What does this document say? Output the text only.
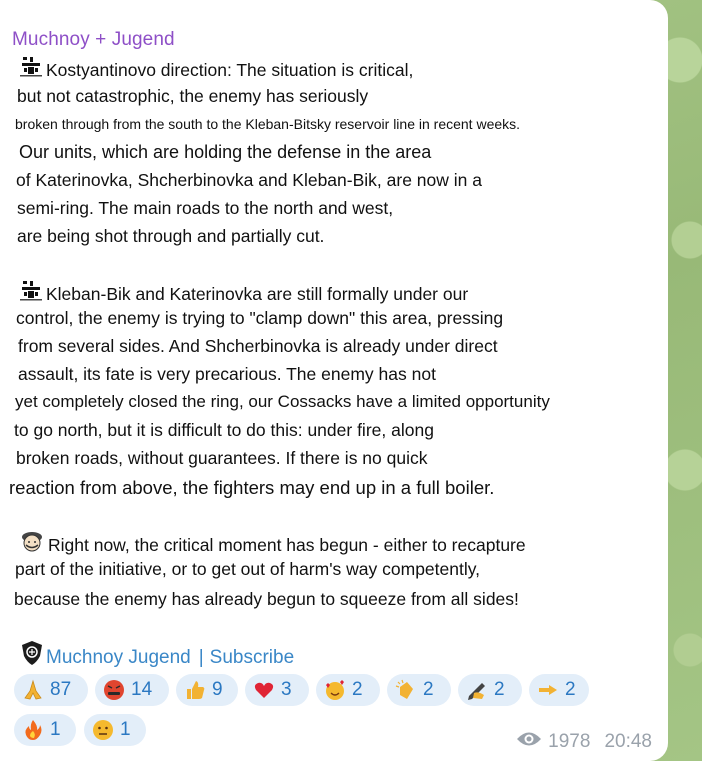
Muchnoy + Jugend
Kostyantinovo direction: The situation is critical,
but not catastrophic, the enemy has seriously
broken through from the south to the Kleban-Bitsky reservoir line in recent weeks.
Our units, which are holding the defense in the area
of Katerinovka, Shcherbinovka and Kleban-Bik, are now in a
semi-ring. The main roads to the north and west,
are being shot through and partially cut.
Kleban-Bik and Katerinovka are still formally under our
control, the enemy is trying to "clamp down" this area, pressing
from several sides. And Shcherbinovka is already under direct
assault, its fate is very precarious. The enemy has not
yet completely closed the ring, our Cossacks have a limited opportunity
to go north, but it is difficult to do this: under fire, along
broken roads, without guarantees. If there is no quick
reaction from above, the fighters may end up in a full boiler.
Right now, the critical moment has begun - either to recapture
part of the initiative, or to get out of harm's way competently,
because the enemy has already begun to squeeze from all sides!
Muchnoy Jugend | Subscribe
87	14	9	3	2	2	2	2
1	1
1978 20:48
